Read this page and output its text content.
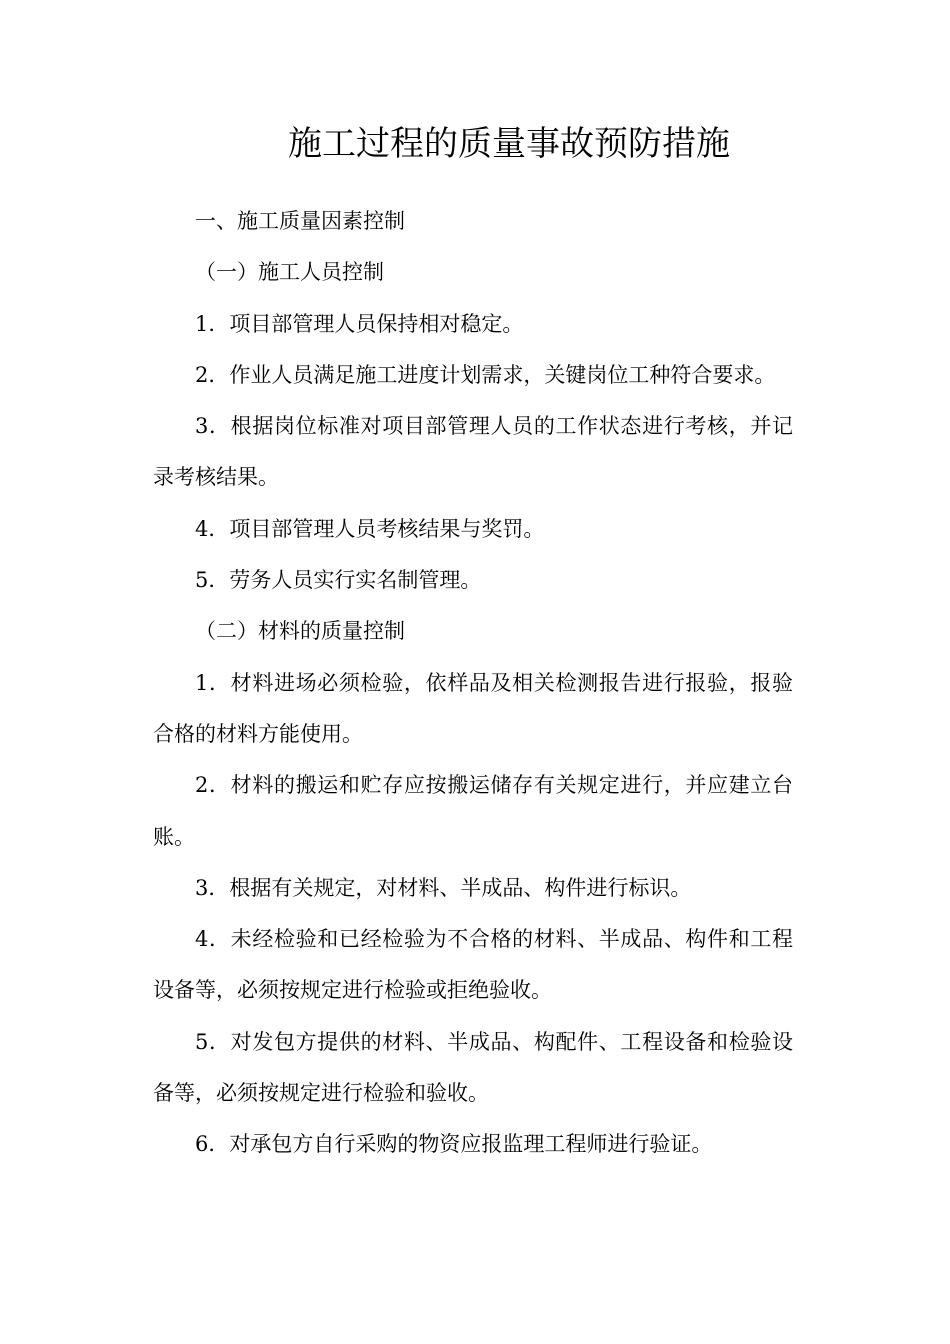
施工过程的质量事故预防措施

一、施工质量因素控制

（一）施工人员控制

1．项目部管理人员保持相对稳定。

2．作业人员满足施工进度计划需求，关键岗位工种符合要求。

3．根据岗位标准对项目部管理人员的工作状态进行考核，并记录考核结果。

4．项目部管理人员考核结果与奖罚。

5．劳务人员实行实名制管理。

（二）材料的质量控制

1．材料进场必须检验，依样品及相关检测报告进行报验，报验合格的材料方能使用。

2．材料的搬运和贮存应按搬运储存有关规定进行，并应建立台账。

3．根据有关规定，对材料、半成品、构件进行标识。

4．未经检验和已经检验为不合格的材料、半成品、构件和工程设备等，必须按规定进行检验或拒绝验收。

5．对发包方提供的材料、半成品、构配件、工程设备和检验设备等，必须按规定进行检验和验收。

6．对承包方自行采购的物资应报监理工程师进行验证。
